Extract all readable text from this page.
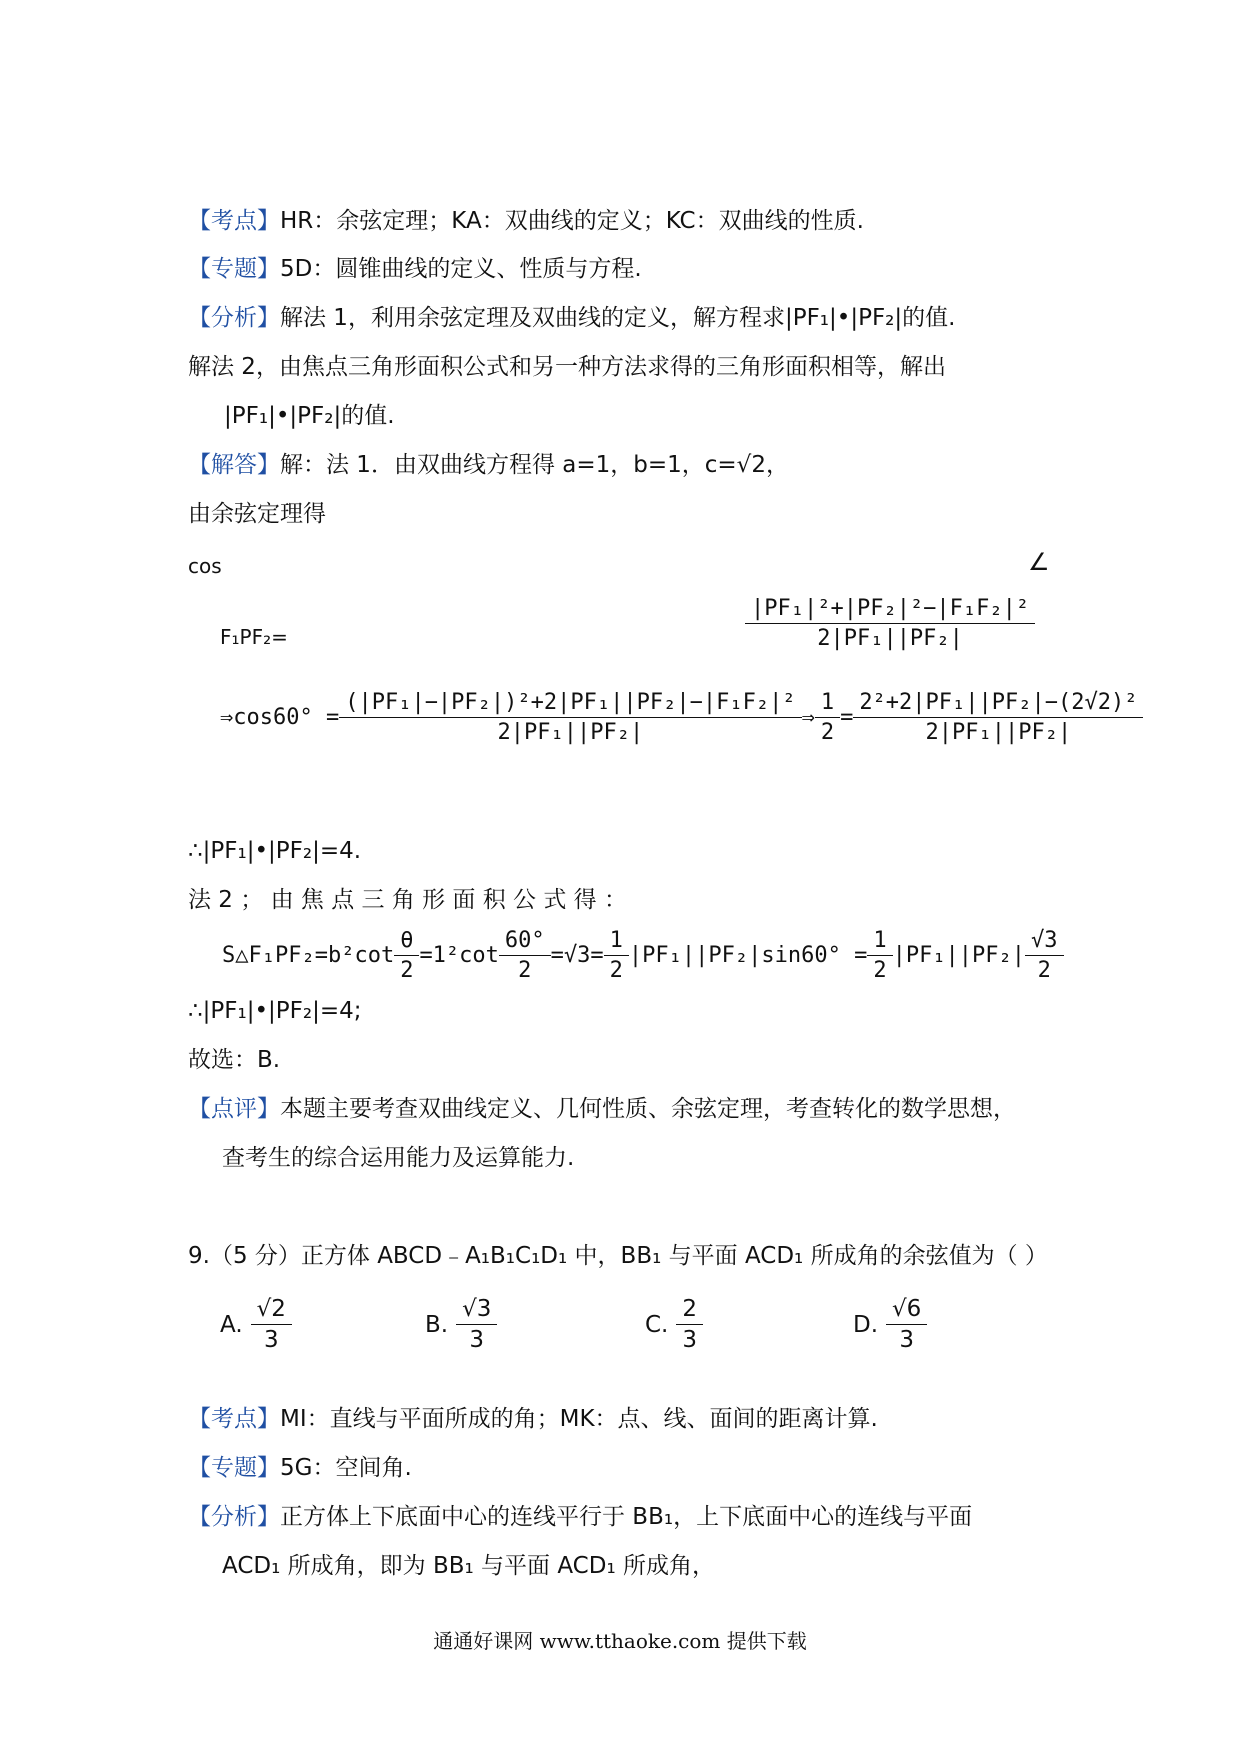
【考点】HR：余弦定理；KA：双曲线的定义；KC：双曲线的性质.
【专题】5D：圆锥曲线的定义、性质与方程.
【分析】解法 1，利用余弦定理及双曲线的定义，解方程求|PF₁|•|PF₂|的值.
解法 2，由焦点三角形面积公式和另一种方法求得的三角形面积相等，解出
|PF₁|•|PF₂|的值.
【解答】解：法 1．由双曲线方程得 a=1，b=1，c=√2，
由余弦定理得
cos	∠
F₁PF₂=	$\frac{\text{|PF₁|²+|PF₂|²−|F₁F₂|²}}{\text{2|PF₁||PF₂|}}$
⇒cos60° = $\frac{\text{(|PF₁|−|PF₂|)²+2|PF₁||PF₂|−|F₁F₂|²}}{\text{2|PF₁||PF₂|}}$ ⇒ $\frac{1}{2} = \frac{\text{2²+2|PF₁||PF₂|−(2√2)²}}{\text{2|PF₁||PF₂|}}$
∴|PF₁|•|PF₂|=4.
法 2 ； 由 焦 点 三 角 形 面 积 公 式 得 ：
S△F₁PF₂=b²cot $\frac{\theta}{2} =1^2\cot \frac{60^\circ}{2} =√3= \frac{1}{2} |PF_1||PF_2|\sin 60^\circ = \frac{1}{2} |PF_1||PF_2| \frac{√3}{2}$
∴|PF₁|•|PF₂|=4;
故选：B.
【点评】本题主要考查双曲线定义、几何性质、余弦定理，考查转化的数学思想，
查考生的综合运用能力及运算能力.
9.（5 分）正方体 ABCD﹣A₁B₁C₁D₁ 中，BB₁ 与平面 ACD₁ 所成角的余弦值为（ ）
A. $\frac{√2}{3}$	B. $\frac{√3}{3}$	C. $\frac{2}{3}$	D. $\frac{√6}{3}$
【考点】MI：直线与平面所成的角；MK：点、线、面间的距离计算.
【专题】5G：空间角.
【分析】正方体上下底面中心的连线平行于 BB₁，上下底面中心的连线与平面
ACD₁ 所成角，即为 BB₁ 与平面 ACD₁ 所成角，
通通好课网 www.tthaoke.com 提供下载
